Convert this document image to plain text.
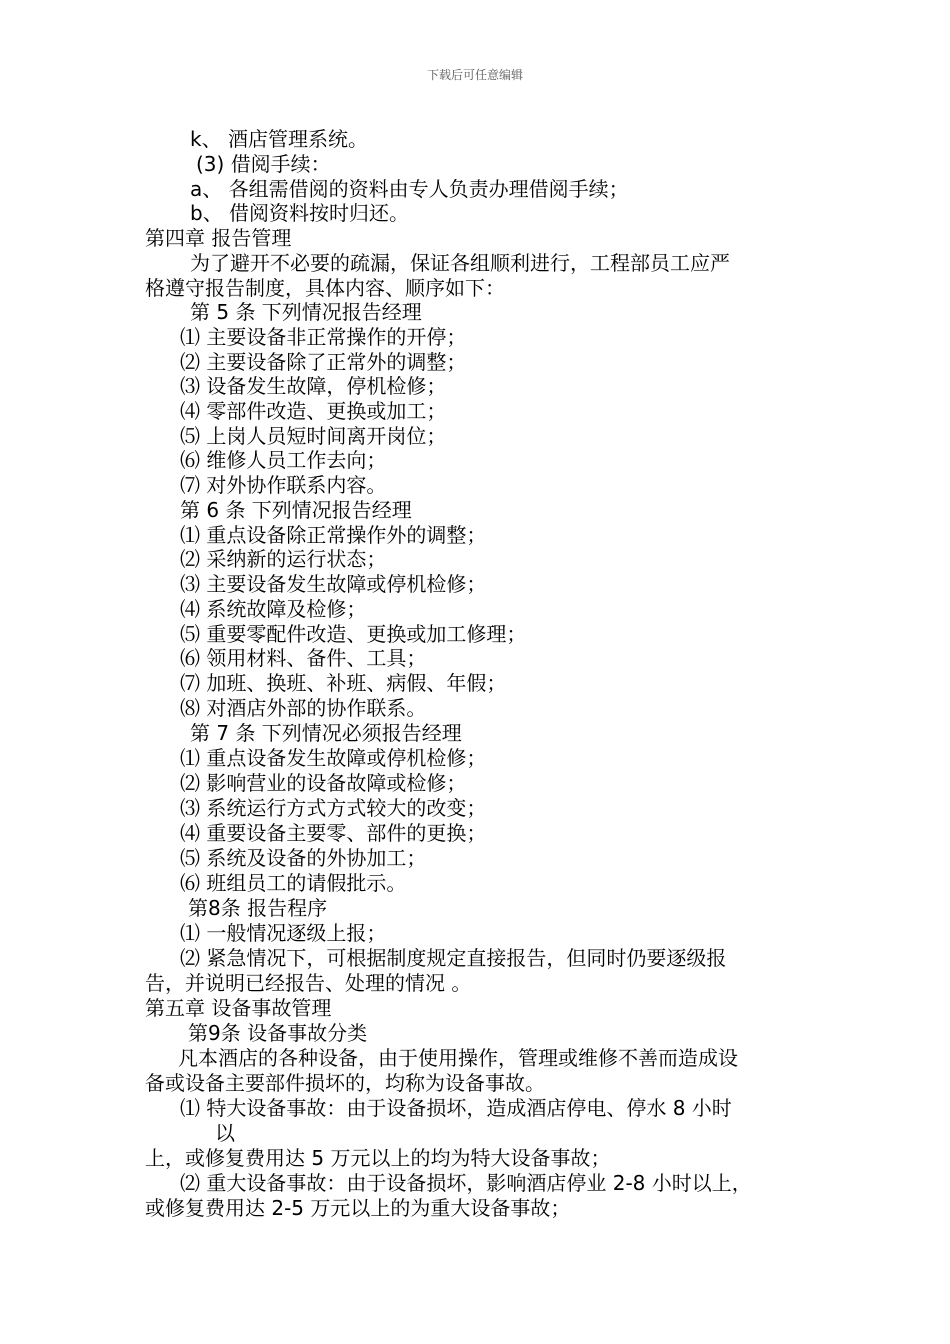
下载后可任意编辑
k、 酒店管理系统。
(3) 借阅手续：
a、 各组需借阅的资料由专人负责办理借阅手续；
b、 借阅资料按时归还。
第四章 报告管理
为了避开不必要的疏漏，保证各组顺利进行，工程部员工应严
格遵守报告制度，具体内容、顺序如下：
第 5 条 下列情况报告经理
⑴ 主要设备非正常操作的开停；
⑵ 主要设备除了正常外的调整；
⑶ 设备发生故障，停机检修；
⑷ 零部件改造、更换或加工；
⑸ 上岗人员短时间离开岗位；
⑹ 维修人员工作去向；
⑺ 对外协作联系内容。
第 6 条 下列情况报告经理
⑴ 重点设备除正常操作外的调整；
⑵ 采纳新的运行状态；
⑶ 主要设备发生故障或停机检修；
⑷ 系统故障及检修；
⑸ 重要零配件改造、更换或加工修理；
⑹ 领用材料、备件、工具；
⑺ 加班、换班、补班、病假、年假；
⑻ 对酒店外部的协作联系。
第 7 条 下列情况必须报告经理
⑴ 重点设备发生故障或停机检修；
⑵ 影响营业的设备故障或检修；
⑶ 系统运行方式方式较大的改变；
⑷ 重要设备主要零、部件的更换；
⑸ 系统及设备的外协加工；
⑹ 班组员工的请假批示。
第8条 报告程序
⑴ 一般情况逐级上报；
⑵ 紧急情况下，可根据制度规定直接报告，但同时仍要逐级报
告，并说明已经报告、处理的情况 。
第五章 设备事故管理
第9条 设备事故分类
凡本酒店的各种设备，由于使用操作，管理或维修不善而造成设
备或设备主要部件损坏的，均称为设备事故。
⑴ 特大设备事故：由于设备损坏，造成酒店停电、停水 8 小时
以
上，或修复费用达 5 万元以上的均为特大设备事故；
⑵ 重大设备事故：由于设备损坏，影响酒店停业 2-8 小时以上，
或修复费用达 2-5 万元以上的为重大设备事故；
